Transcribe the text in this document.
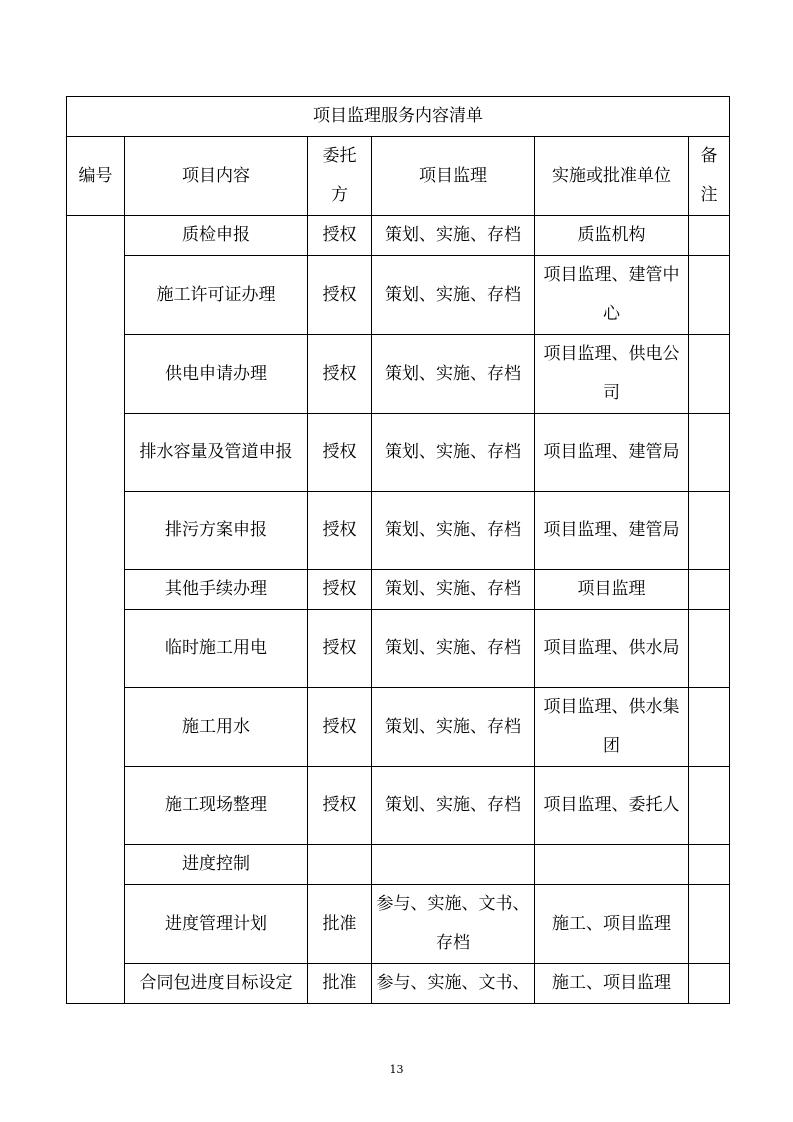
项目监理服务内容清单					
编号	项目内容	委托方	项目监理	实施或批准单位	备注
	质检申报	授权	策划、实施、存档	质监机构	
	施工许可证办理	授权	策划、实施、存档	项目监理、建管中心	
	供电申请办理	授权	策划、实施、存档	项目监理、供电公司	
	排水容量及管道申报	授权	策划、实施、存档	项目监理、建管局	
	排污方案申报	授权	策划、实施、存档	项目监理、建管局	
	其他手续办理	授权	策划、实施、存档	项目监理	
	临时施工用电	授权	策划、实施、存档	项目监理、供水局	
	施工用水	授权	策划、实施、存档	项目监理、供水集团	
	施工现场整理	授权	策划、实施、存档	项目监理、委托人	
	进度控制				
	进度管理计划	批准	参与、实施、文书、存档	施工、项目监理	
	合同包进度目标设定	批准	参与、实施、文书、	施工、项目监理	
13
